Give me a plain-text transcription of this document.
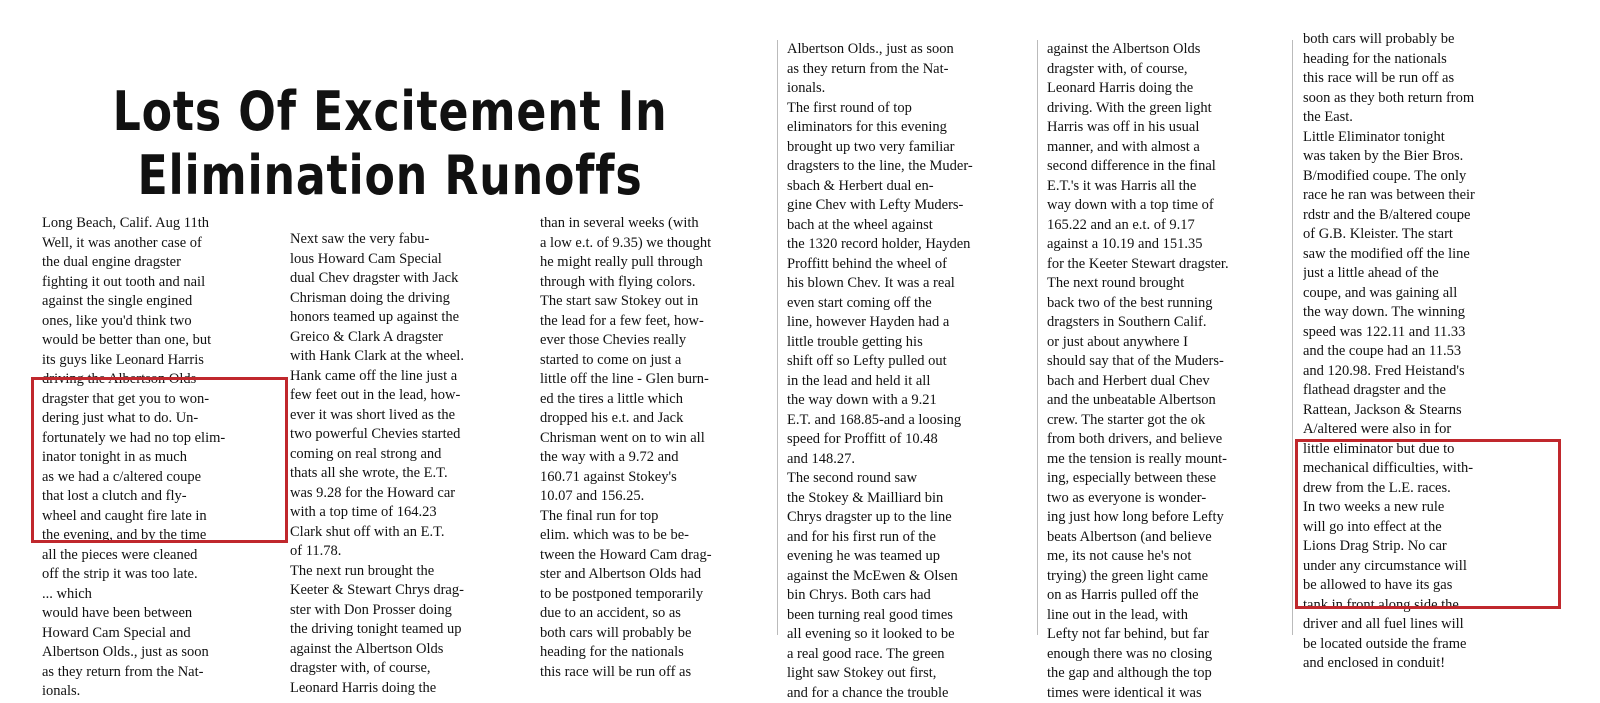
Lots Of Excitement In
Elimination Runoffs
Long Beach, Calif. Aug 11th
Well, it was another case of
the dual engine dragster
fighting it out tooth and nail
against the single engined
ones, like you'd think two
would be better than one, but
its guys like Leonard Harris
driving the Albertson Olds
dragster that get you to won-
dering just what to do. Un-
fortunately we had no top elim-
inator tonight in as much
as we had a c/altered coupe
that lost a clutch and fly-
wheel and caught fire late in
the evening, and by the time
all the pieces were cleaned
off the strip it was too late.
... which
would have been between
Howard Cam Special and
Albertson Olds., just as soon
as they return from the Nat-
ionals.
Next saw the very fabu-
lous Howard Cam Special
dual Chev dragster with Jack
Chrisman doing the driving
honors teamed up against the
Greico & Clark A dragster
with Hank Clark at the wheel.
Hank came off the line just a
few feet out in the lead, how-
ever it was short lived as the
two powerful Chevies started
coming on real strong and
thats all she wrote, the E.T.
was 9.28 for the Howard car
with a top time of 164.23
Clark shut off with an E.T.
of 11.78.
The next run brought the
Keeter & Stewart Chrys drag-
ster with Don Prosser doing
the driving tonight teamed up
against the Albertson Olds
dragster with, of course,
Leonard Harris doing the
than in several weeks (with
a low e.t. of 9.35) we thought
he might really pull through
through with flying colors.
The start saw Stokey out in
the lead for a few feet, how-
ever those Chevies really
started to come on just a
little off the line - Glen burn-
ed the tires a little which
dropped his e.t. and Jack
Chrisman went on to win all
the way with a 9.72 and
160.71 against Stokey's
10.07 and 156.25.
The final run for top
elim. which was to be be-
tween the Howard Cam drag-
ster and Albertson Olds had
to be postponed temporarily
due to an accident, so as
both cars will probably be
heading for the nationals
this race will be run off as
Albertson Olds., just as soon
as they return from the Nat-
ionals.
The first round of top
eliminators for this evening
brought up two very familiar
dragsters to the line, the Muder-
sbach & Herbert dual en-
gine Chev with Lefty Muders-
bach at the wheel against
the 1320 record holder, Hayden
Proffitt behind the wheel of
his blown Chev. It was a real
even start coming off the
line, however Hayden had a
little trouble getting his
shift off so Lefty pulled out
in the lead and held it all
the way down with a 9.21
E.T. and 168.85-and a loosing
speed for Proffitt of 10.48
and 148.27.
The second round saw
the Stokey & Mailliard bin
Chrys dragster up to the line
and for his first run of the
evening he was teamed up
against the McEwen & Olsen
bin Chrys. Both cars had
been turning real good times
all evening so it looked to be
a real good race. The green
light saw Stokey out first,
and for a chance the trouble
against the Albertson Olds
dragster with, of course,
Leonard Harris doing the
driving. With the green light
Harris was off in his usual
manner, and with almost a
second difference in the final
E.T.'s it was Harris all the
way down with a top time of
165.22 and an e.t. of 9.17
against a 10.19 and 151.35
for the Keeter Stewart dragster.
The next round brought
back two of the best running
dragsters in Southern Calif.
or just about anywhere I
should say that of the Muders-
bach and Herbert dual Chev
and the unbeatable Albertson
crew. The starter got the ok
from both drivers, and believe
me the tension is really mount-
ing, especially between these
two as everyone is wonder-
ing just how long before Lefty
beats Albertson (and believe
me, its not cause he's not
trying) the green light came
on as Harris pulled off the
line out in the lead, with
Lefty not far behind, but far
enough there was no closing
the gap and although the top
times were identical it was
both cars will probably be
heading for the nationals
this race will be run off as
soon as they both return from
the East.
Little Eliminator tonight
was taken by the Bier Bros.
B/modified coupe. The only
race he ran was between their
rdstr and the B/altered coupe
of G.B. Kleister. The start
saw the modified off the line
just a little ahead of the
coupe, and was gaining all
the way down. The winning
speed was 122.11 and 11.33
and the coupe had an 11.53
and 120.98. Fred Heistand's
flathead dragster and the
Rattean, Jackson & Stearns
A/altered were also in for
little eliminator but due to
mechanical difficulties, with-
drew from the L.E. races.
In two weeks a new rule
will go into effect at the
Lions Drag Strip. No car
under any circumstance will
be allowed to have its gas
tank in front along side the
driver and all fuel lines will
be located outside the frame
and enclosed in conduit!
